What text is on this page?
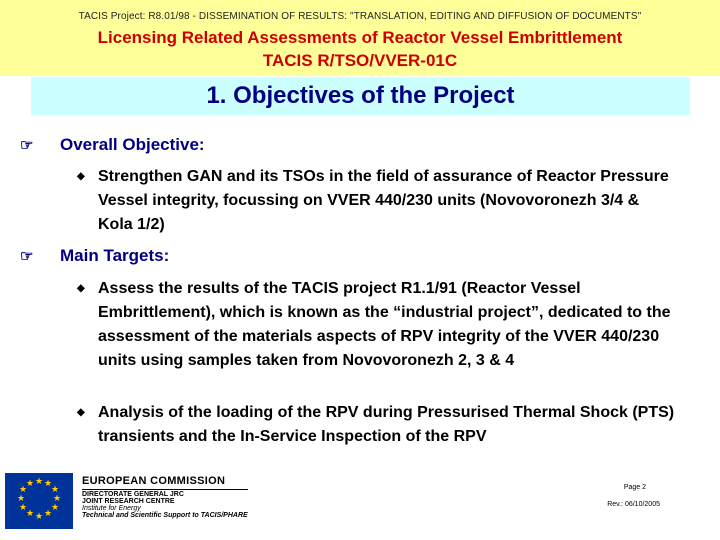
TACIS Project: R8.01/98 - DISSEMINATION OF RESULTS: "TRANSLATION, EDITING AND DIFFUSION OF DOCUMENTS"
Licensing Related Assessments of Reactor Vessel Embrittlement
TACIS R/TSO/VVER-01C
1. Objectives of the Project
☞ Overall Objective:
◆ Strengthen GAN and its TSOs in the field of assurance of Reactor Pressure Vessel integrity, focussing on VVER 440/230 units (Novovoronezh 3/4 & Kola 1/2)
☞ Main Targets:
◆ Assess the results of the TACIS project R1.1/91 (Reactor Vessel Embrittlement), which is known as the “industrial project”, dedicated to the assessment of the materials aspects of RPV integrity of the VVER 440/230 units using samples taken from Novovoronezh 2, 3 & 4
◆ Analysis of the loading of the RPV during Pressurised Thermal Shock (PTS) transients and the In-Service Inspection of the RPV
★ ★
★
★
★
★
★
★
★
★
★
★	EUROPEAN COMMISSION
DIRECTORATE GENERAL JRC
JOINT RESEARCH CENTRE
Institute for Energy
Technical and Scientific Support to TACIS/PHARE
Page 2
Rev.: 06/10/2005
